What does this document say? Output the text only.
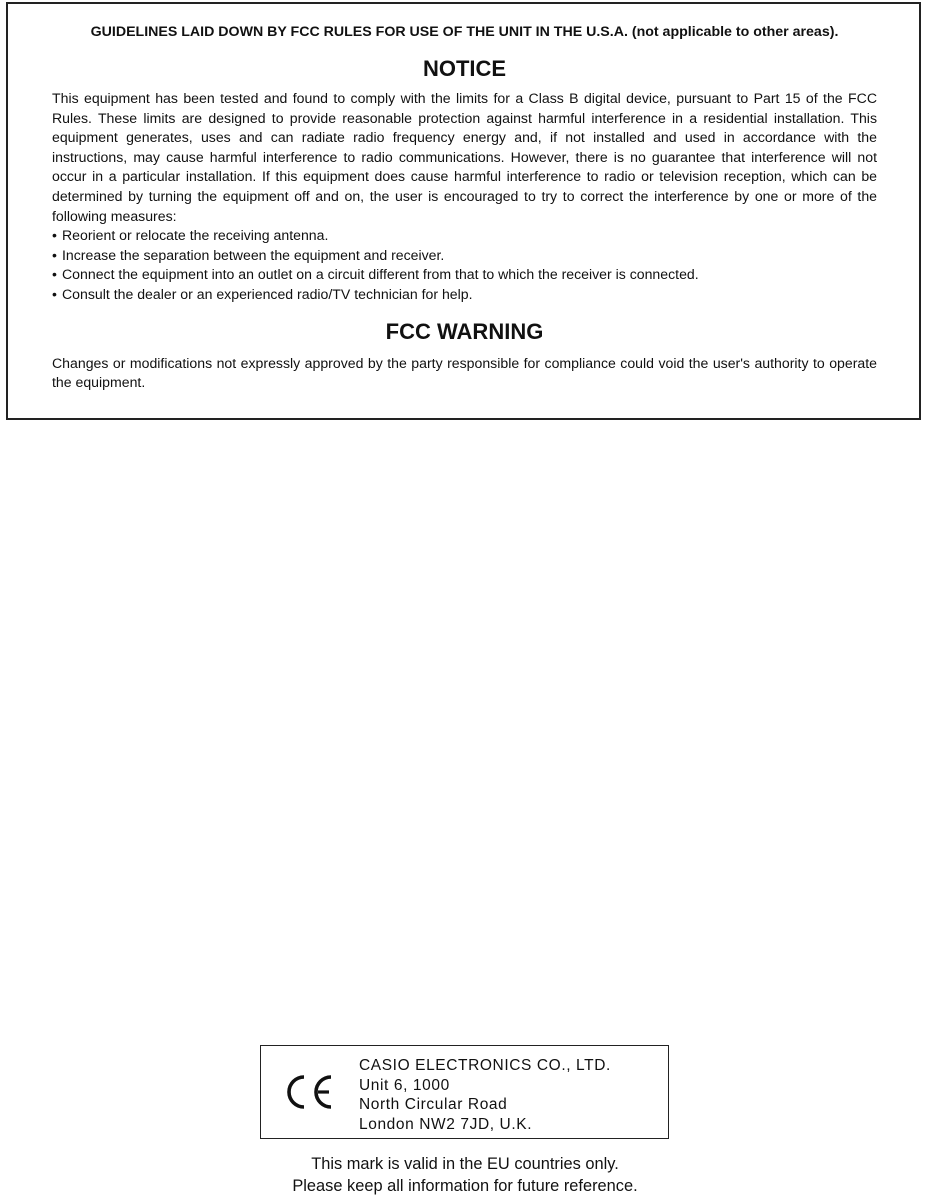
GUIDELINES LAID DOWN BY FCC RULES FOR USE OF THE UNIT IN THE U.S.A. (not applicable to other areas).

NOTICE

This equipment has been tested and found to comply with the limits for a Class B digital device, pursuant to Part 15 of the FCC Rules. These limits are designed to provide reasonable protection against harmful interference in a residential installation. This equipment generates, uses and can radiate radio frequency energy and, if not installed and used in accordance with the instructions, may cause harmful interference to radio communications. However, there is no guarantee that interference will not occur in a particular installation. If this equipment does cause harmful interference to radio or television reception, which can be determined by turning the equipment off and on, the user is encouraged to try to correct the interference by one or more of the following measures:

• Reorient or relocate the receiving antenna.
• Increase the separation between the equipment and receiver.
• Connect the equipment into an outlet on a circuit different from that to which the receiver is connected.
• Consult the dealer or an experienced radio/TV technician for help.
FCC WARNING

Changes or modifications not expressly approved by the party responsible for compliance could void the user's authority to operate the equipment.

CASIO ELECTRONICS CO., LTD.
Unit 6, 1000
North Circular Road
London NW2 7JD, U.K.
This mark is valid in the EU countries only.
Please keep all information for future reference.
